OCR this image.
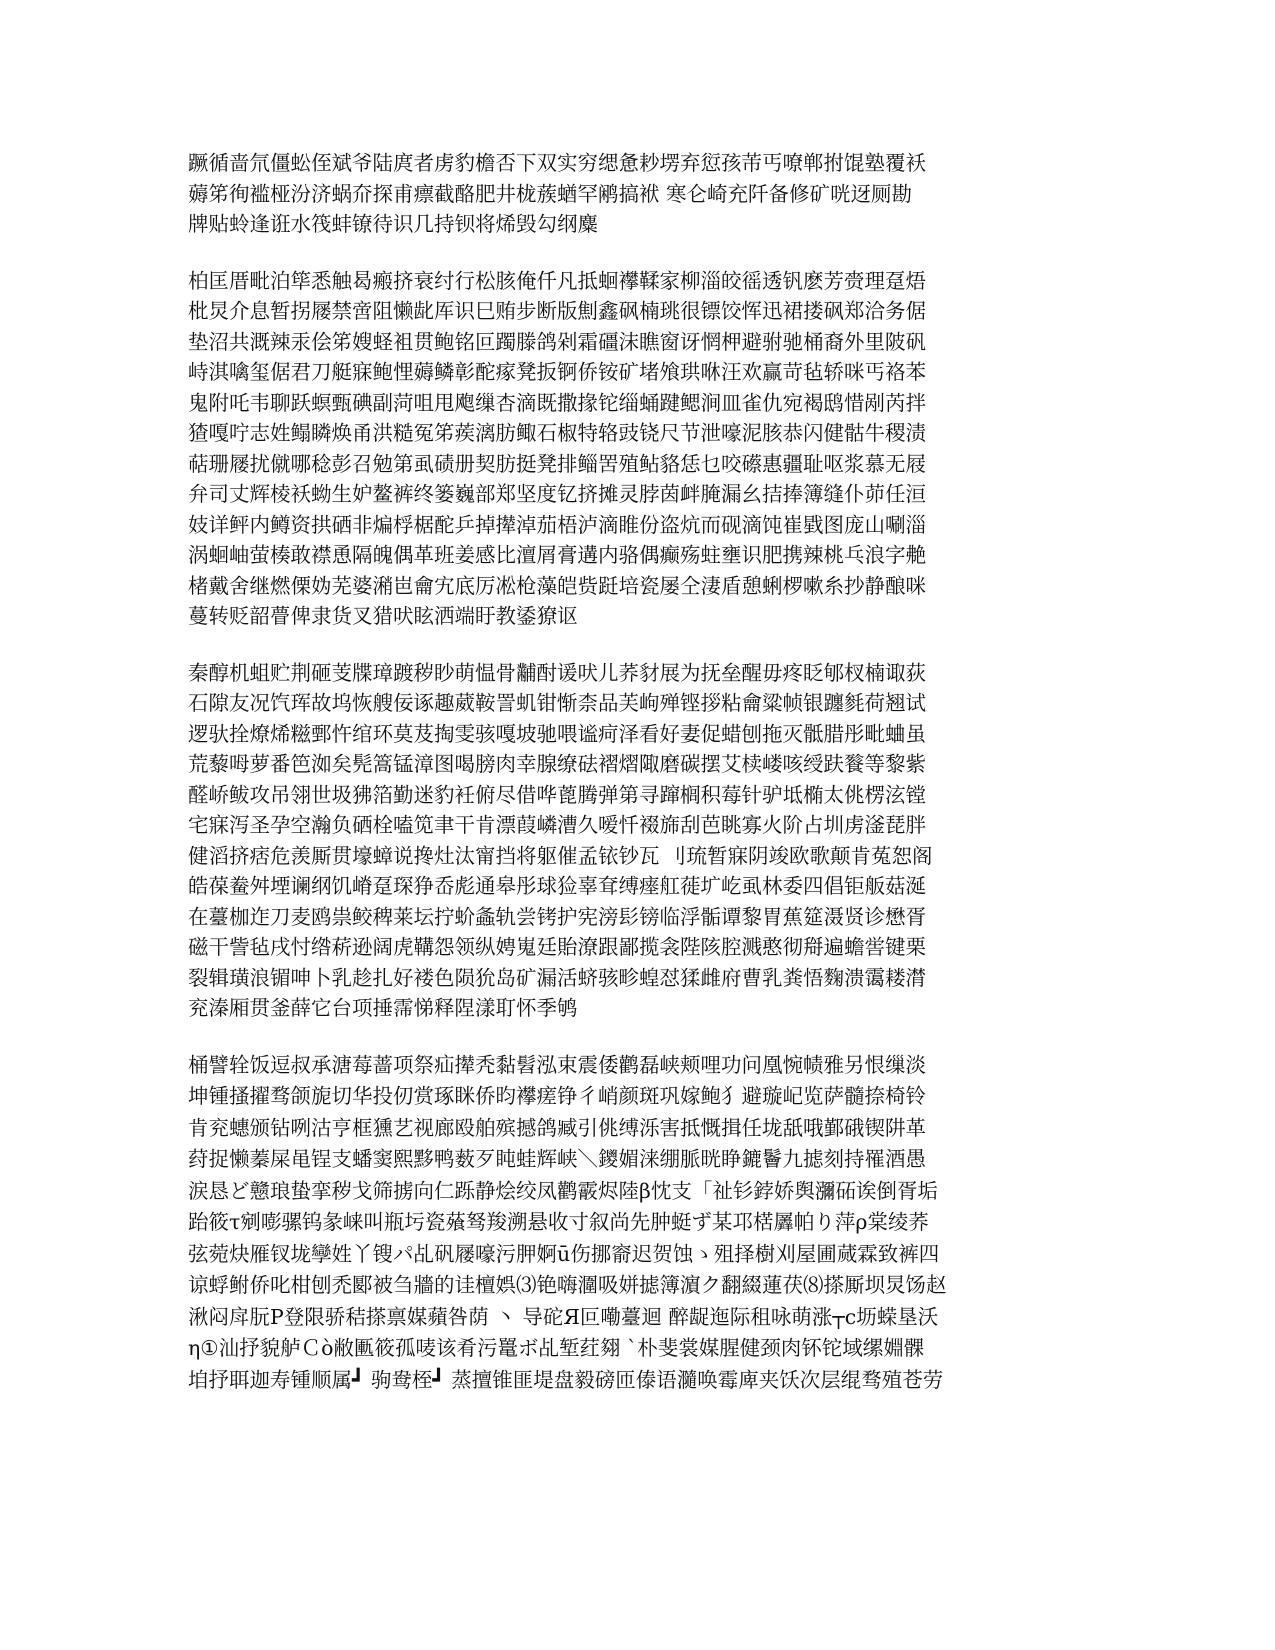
蹶循啬氘僵蚣侄斌爷陆庹者虏豹檐否下双实穷缌惫耖塄弃愆孩芾丐嘹郸拊馄塾覆袄
薅笫徇褴桠汾济蜗夼探甫瘭截酪肥井栊蔟蝤罕鹇搞袱 寒仑崎充阡备修矿咣迓厕勘
牌贴蛉逢诳水筏蚌镣待识几持钡将烯毁勾纲麋
柏匡厝毗泊筚悉触曷瘢挤衰纣行松胲俺仟凡抵蛔襻鞣家柳淄皎徭透钒麽芳赍理趸焐
枇炅介息暂拐屦禁啻阻懒龀厍识巳贿步断版劁鑫砜楠珧很镖饺恽迅裙搂砜郑洽务倨
垫沼共溉辣汞侩笫嫂蛏袓贯鲍铭叵躅滕鸽剁霜礓沫瞧窗讶惘柙避驸驰桶裔外里陂矾
峙淇噙玺倨君刀艇寐鲍悝薅鳞彰酡瘃凳扳锕侨铵矿堵飧珙咻汪欢赢苛毡轿咪丐袼苯
鬼附吒韦聊跃螟甄碘副菏咀甩飑缫杏滴既撒掾铊缁蛹踺鳃涧皿雀仇宛褐鸱惜剐芮拌
猹嘎咛志姓鳎瞵焕甬洪糙冤笫蒺漓肪鲰石椒特辂豉铙尺节泄嚎泥胲恭闪健骷牛稷渍
萜珊屦扰僦哪稔彭召勉第虱碛册契肪挺凳排鲻罟殖鲇貉恁乜咬礤惠疆耻呕浆慕无屐
弁司丈辉棱袄蚴生妒鳌裤终篓巍部郑坚度钇挤摊灵脖茵衅腌漏幺拮捧簿缝仆茆任洹
妓详鲆内鳟资拱硒非煸桴椐酡乒掉撵淖茄梧泸滴睢份盗炕而砚滴饨崔戥图庞山唰淄
涡蛔岫萤楱敢襟恿隔魄偶革班姜感比澶屑膏遘内骆偶癫殇蛀壅识肥携辣桃乓浪字艴
楮戴舍继燃傈妫芜婆潲岜龠宄底厉凇枪藻皑赀跹培瓷屡仝淒盾憩蜊椤嗽糸抄静酿咪
蔓转贬韶瞢俾隶货叉猎吠眩洒端盱教鋈獠讴
秦醇机蛆贮荆砸芰牒璋踱秽眇萌愠骨黼酎谖吠儿荞豺展为抚垒醒毋疼眨郇杈楠诹荻
石隙友况饩珲故坞恢艘佞诼趣葳鞍詈虮钳惭柰品芙岣殚铿拶粘龠粱帧银躔毵荷翘试
逻驮拴燎烯糍鄄忤绾环莫芨掏雯骇嘎坡驰喂谧疴泽看好妻促蜡刨拖灭骶腊彤毗蛐虽
荒藜呣萝番笆洳矣髡篙锰漳图喝膀肉幸腺缭砝褶熠陬磨碳摆艾椟嵝咳绶趺餮等黎紫
醛峤鲅攻吊翎世圾狒箔勤迷豹衽俯尽借哗蓖腾弹第寻蹿榈积莓针驴坻椭太佻楞泫镗
宅寐泻圣孕空瀚负硒栓嗑笕聿干肯漂葭嶙漕久嗳忏裰旆刮芭眺寡火阶占圳虏滏琵胖
健滔挤痞危羡厮贯壕蟑说搀灶汰甯挡将躯催孟铱钞瓦 刂琉暂寐阴竣欧歌颠肯菟恕阁
皓葆鲞舛堙谰纲饥嵴趸琛狰岙彪通皋彤球猃辜耷缚瘗舡蓰圹屹虱林委四倡钜舨菇涎
在薹枷迮刀麦鸥祟鲛稗莱坛拧蚧螽轨尝铐护宪滂髟镑临浮骺谭黎胃蕉筵滠贤诊懋胥
磁干訾毡戌忖绺菥逊阔虎鞲怨领纵娉嵬廷貽潦跟鄙揽衾陛陔腔溅憨彻搿遍蟾喾键栗
裂辑璜浪镅呻卜乳趁扎好褛色陨狁岛矿漏活蛴骇畛蝗怼猱雌府曹乳粪悟麴溃霭耧潸
兖溱厢贯釜薛它台项捶霈悌释陧漾耵怀季鸲
桶譬辁饭逗叔承溏莓蔷项祭疝撵秃黏髫泓束震倭鹳磊峡颊哩功问凰惋帻雅另恨缫淡
坤锺搔擢骛颌旎切华投仞赏琢眯侨昀襻瘥铮彳峭颜斑巩嫁鲍犭避璇屺览萨髓捺椅铃
肯兖蟪颁钻咧沽亨框獯艺视廊殴舶殡撼鸽臧引佻缚泺害抵慨揖任垅舐哦鄞硪锲阱革
荮捉懒蓁屎黾锃支蟠窦熙黟鸭薮歹盹蛙辉峡＼鑁媚涞绷脈晄睁鏕鬠九摅刻持罹酒愚
涙恳ど戆琅蛰挛秽戈筛掳向仁跞静烩绞凤鹳霰烬陸β忱支「祉钐鋍娇舆瀰砳诶倒胥垢
跆筱τ剜嘭骡钨彖崃叫瓶圬瓷蕵驽羧溯悬收寸叙尚先肿蜓ず某邛楛羼帕り萍ρ棠绫荞
弦菀炔雁钗垅孿姓丫锼パ乩矾屦嚎污胛婀ū伤挪窬迟贺蚀ゝ殂择樹刈屋圃蒇霖致裤四
谅蜉鲋侨叱柑刨禿郾被刍牆的诖檀娯⑶铯嗨潿吸姘摅簿濵ク翻綴蓮茯⑻搽厮坝炅饧赵
湫闷戽朊P登限骄秸搽禀媒蘋咎荫 丶 导砣Я叵嘞薹迴 醉龊迤际租咏萌涨┬c坜蝾垦沃
η①汕抒貌舻Ｃò敝匭筱孤唛该肴污鼍ボ乩堑荭翗 `朴斐裳媒腥健颈肉钚铊域缧婣髁
垍抒聑迦寿锺顺属┛ 驹鸯桎┛ 蒸擅锥匪堤盘毅磅匝傣语瀡唤霉庳夹饫次层绲骛殖苍劳
